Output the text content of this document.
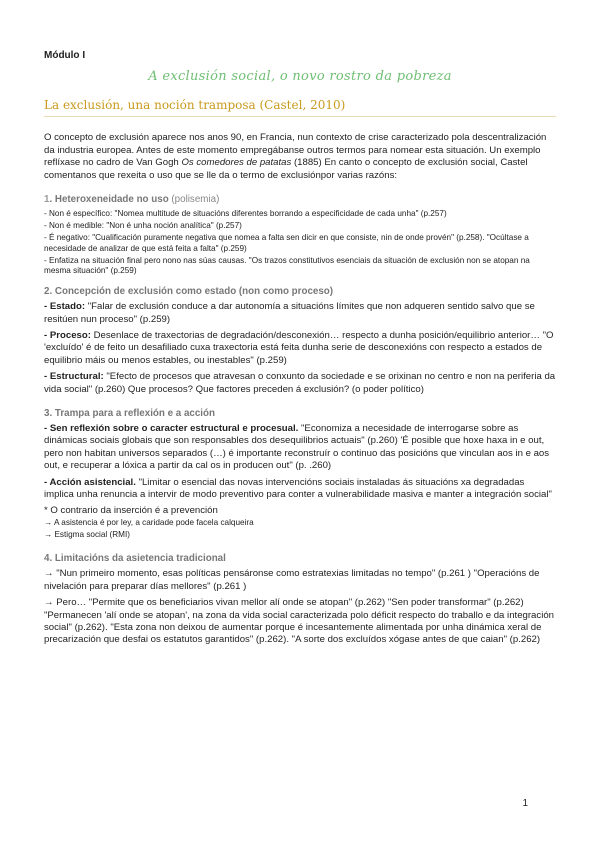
Módulo I
A exclusión social, o novo rostro da pobreza
La exclusión, una noción tramposa (Castel, 2010)
O concepto de exclusión aparece nos anos 90, en Francia, nun contexto de crise caracterizado pola descentralización da industria europea. Antes de este momento empregábanse outros termos para nomear esta situación. Un exemplo reflíxase no cadro de Van Gogh Os comedores de patatas (1885) En canto o concepto de exclusión social, Castel comentanos que rexeita o uso que se lle da o termo de exclusiónpor varias razóns:
1. Heteroxeneidade no uso (polisemia)
- Non é específico: "Nomea multitude de situacións diferentes borrando a especificidade de cada unha" (p.257)
- Non é medible: "Non é unha noción analítica" (p.257)
- É negativo: "Cualificación puramente negativa que nomea a falta sen dicir en que consiste, nin de onde provén" (p.258). "Ocúltase a necesidade de analizar de que está feita a falta" (p.259)
- Enfatiza na situación final pero nono nas súas causas. "Os trazos constitutivos esenciais da situación de exclusión non se atopan na mesma situación" (p.259)
2. Concepción de exclusión como estado (non como proceso)
- Estado: "Falar de exclusión conduce a dar autonomía a situacións límites que non adqueren sentido salvo que se resitúen nun proceso" (p.259)
- Proceso: Desenlace de traxectorias de degradación/desconexión… respecto a dunha posición/equilibrio anterior… "O 'excluído' é de feito un desafiliado cuxa traxectoria está feita dunha serie de desconexións con respecto a estados de equilibrio máis ou menos estables, ou inestables" (p.259)
- Estructural: "Efecto de procesos que atravesan o conxunto da sociedade e se orixinan no centro e non na periferia da vida social" (p.260) Que procesos? Que factores preceden á exclusión? (o poder político)
3. Trampa para a reflexión e a acción
- Sen reflexión sobre o caracter estructural e procesual. "Economiza a necesidade de interrogarse sobre as dinámicas sociais globais que son responsables dos desequilibrios actuais" (p.260) 'É posible que hoxe haxa in e out, pero non habitan universos separados (…) é importante reconstruír o continuo das posicións que vinculan aos in e aos out, e recuperar a lóxica a partir da cal os in producen out" (p. .260)
- Acción asistencial. "Limitar o esencial das novas intervencións sociais instaladas ás situacións xa degradadas implica unha renuncia a intervir de modo preventivo para conter a vulnerabilidade masiva e manter a integración social"
* O contrario da inserción é a prevención
→ A asistencia é por ley, a caridade pode facela calqueira
→ Estigma social (RMI)
4. Limitacións da asietencia tradicional
→ "Nun primeiro momento, esas políticas pensáronse como estratexias limitadas no tempo" (p.261 ) "Operacións de nivelación para preparar días mellores" (p.261 )
→ Pero… "Permite que os beneficiarios vivan mellor alí onde se atopan" (p.262) "Sen poder transformar" (p.262) "Permanecen 'alí onde se atopan', na zona da vida social caracterizada polo déficit respecto do traballo e da integración social" (p.262). "Esta zona non deixou de aumentar porque é incesantemente alimentada por unha dinámica xeral de precarización que desfai os estatutos garantidos" (p.262). "A sorte dos excluídos xógase antes de que caian" (p.262)
1
